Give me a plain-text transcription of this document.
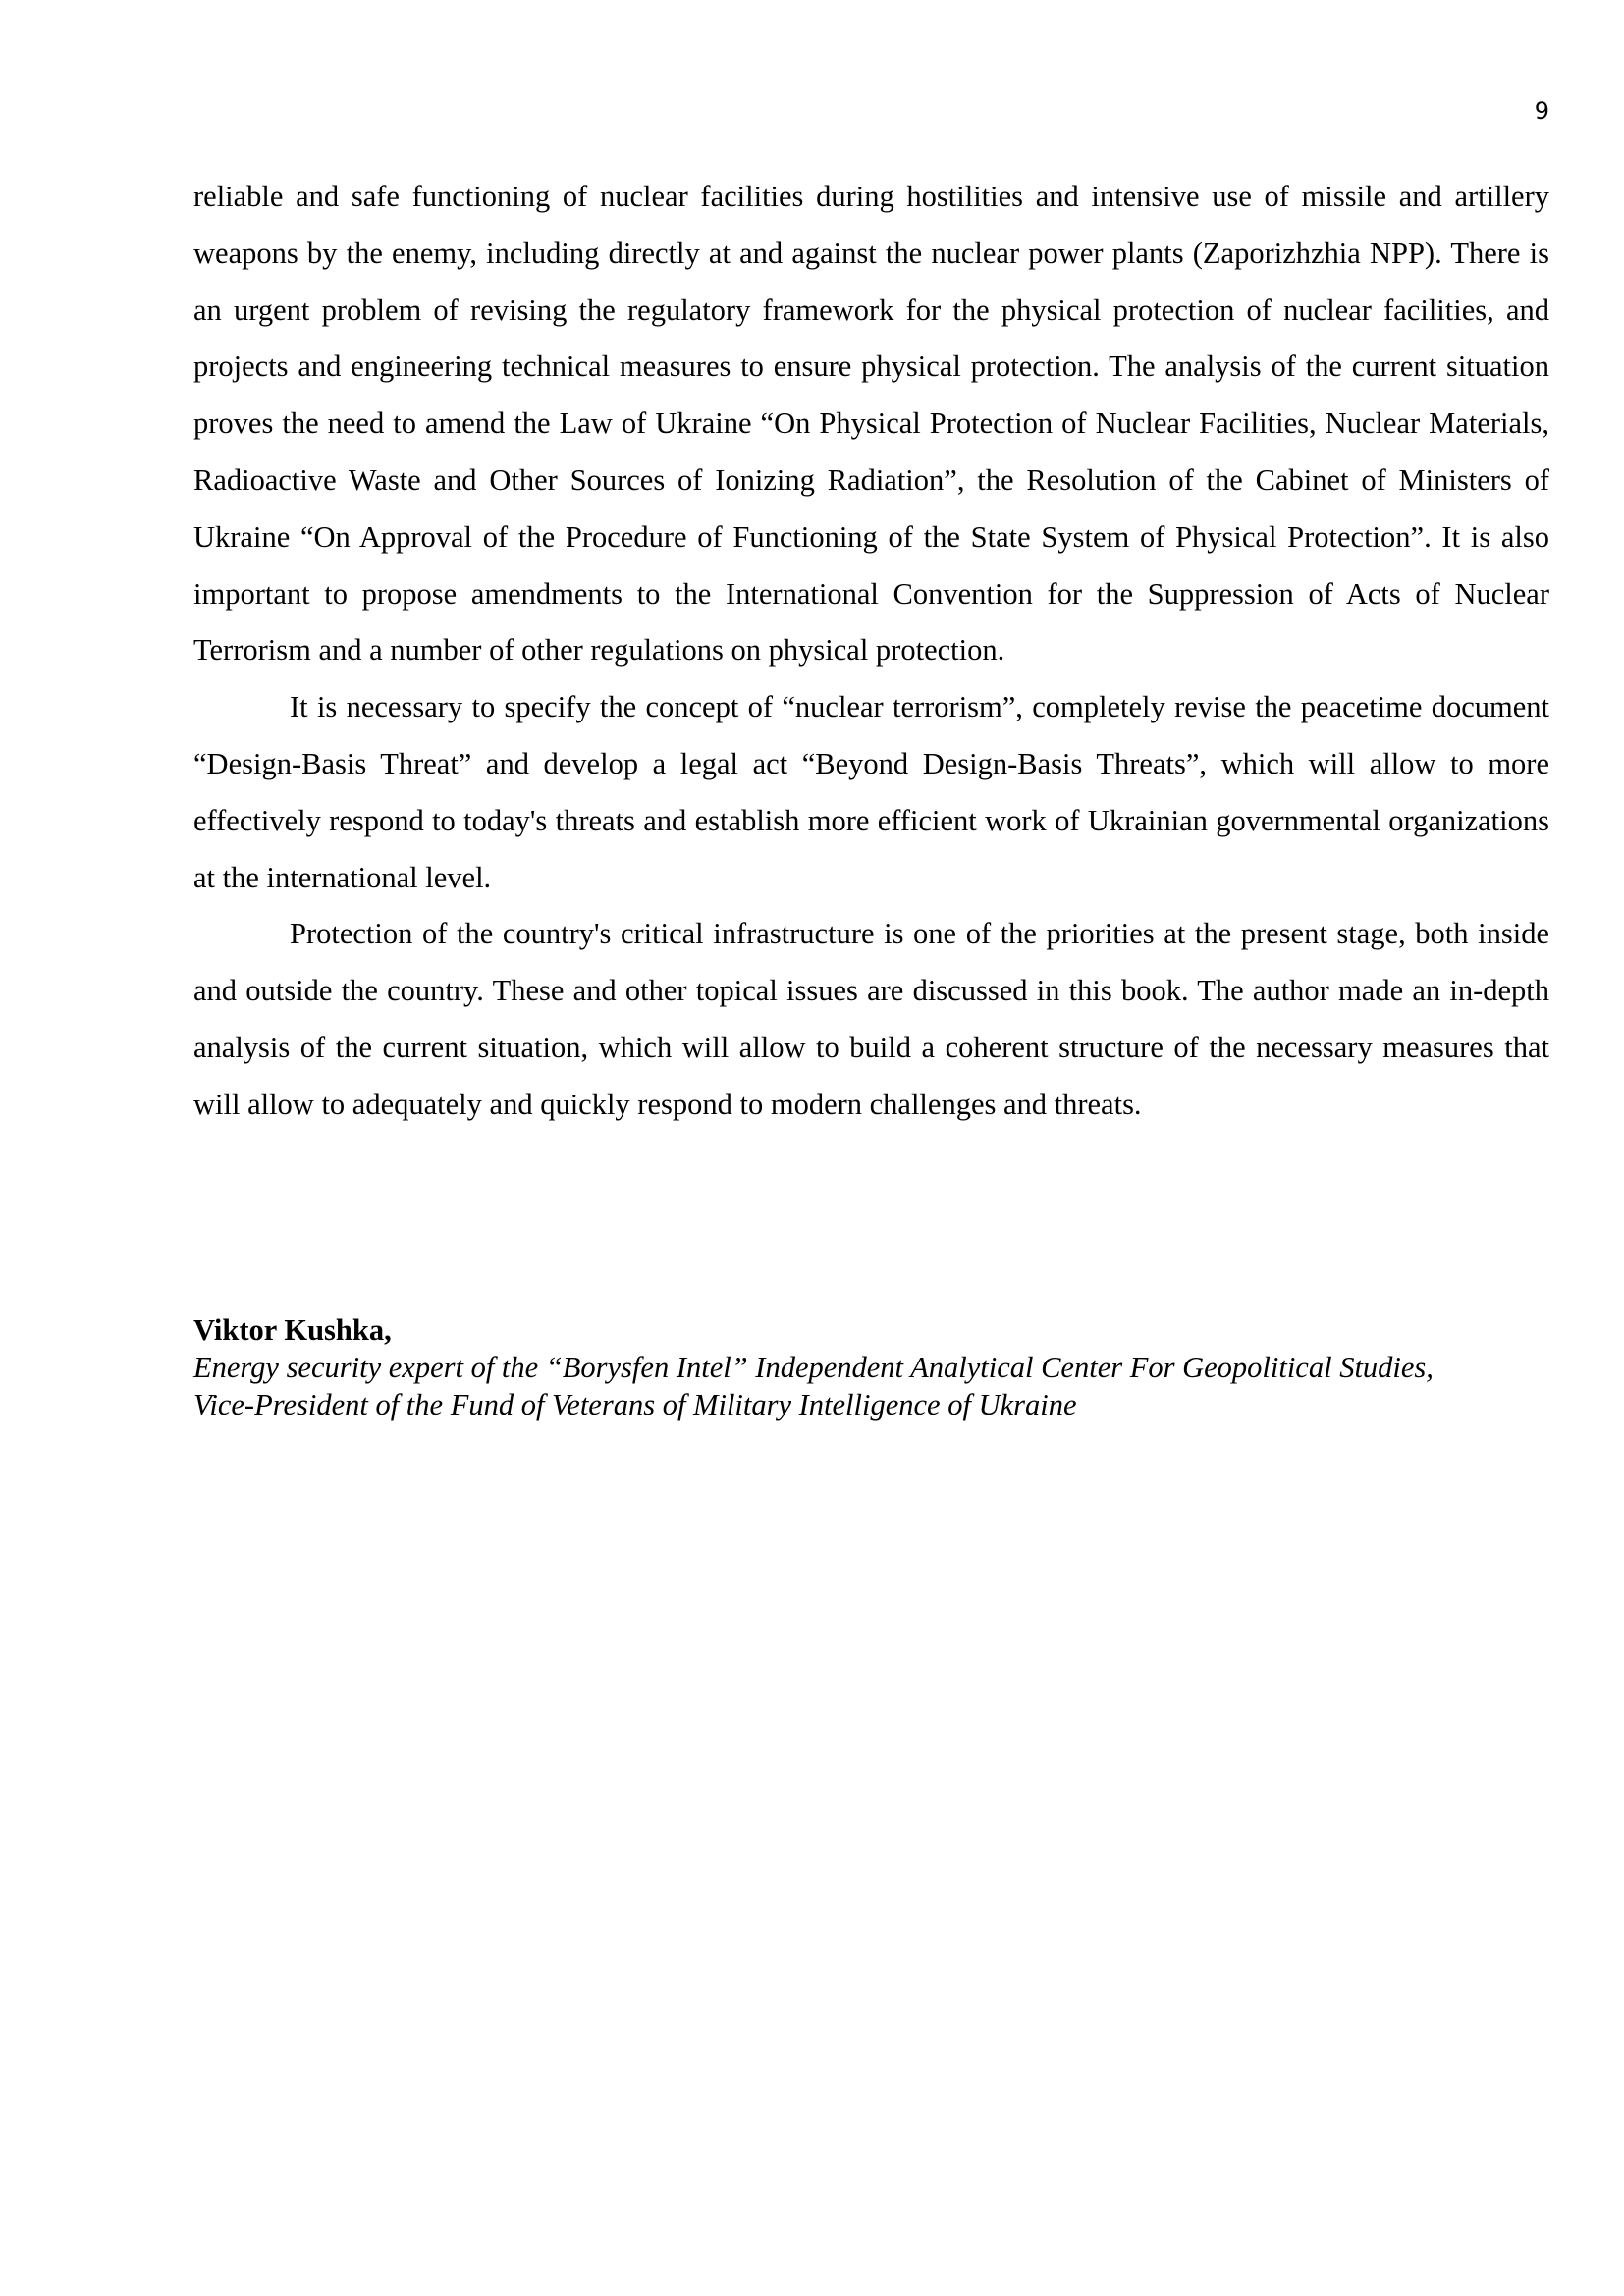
9

reliable and safe functioning of nuclear facilities during hostilities and intensive use of missile and artillery weapons by the enemy, including directly at and against the nuclear power plants (Zaporizhzhia NPP). There is an urgent problem of revising the regulatory framework for the physical protection of nuclear facilities, and projects and engineering technical measures to ensure physical protection. The analysis of the current situation proves the need to amend the Law of Ukraine “On Physical Protection of Nuclear Facilities, Nuclear Materials, Radioactive Waste and Other Sources of Ionizing Radiation”, the Resolution of the Cabinet of Ministers of Ukraine “On Approval of the Procedure of Functioning of the State System of Physical Protection”. It is also important to propose amendments to the International Convention for the Suppression of Acts of Nuclear Terrorism and a number of other regulations on physical protection.

It is necessary to specify the concept of “nuclear terrorism”, completely revise the peacetime document “Design-Basis Threat” and develop a legal act “Beyond Design-Basis Threats”, which will allow to more effectively respond to today's threats and establish more efficient work of Ukrainian governmental organizations at the international level.

Protection of the country's critical infrastructure is one of the priorities at the present stage, both inside and outside the country. These and other topical issues are discussed in this book. The author made an in-depth analysis of the current situation, which will allow to build a coherent structure of the necessary measures that will allow to adequately and quickly respond to modern challenges and threats.

Viktor Kushka,

Energy security expert of the “Borysfen Intel” Independent Analytical Center For Geopolitical Studies,

Vice-President of the Fund of Veterans of Military Intelligence of Ukraine
